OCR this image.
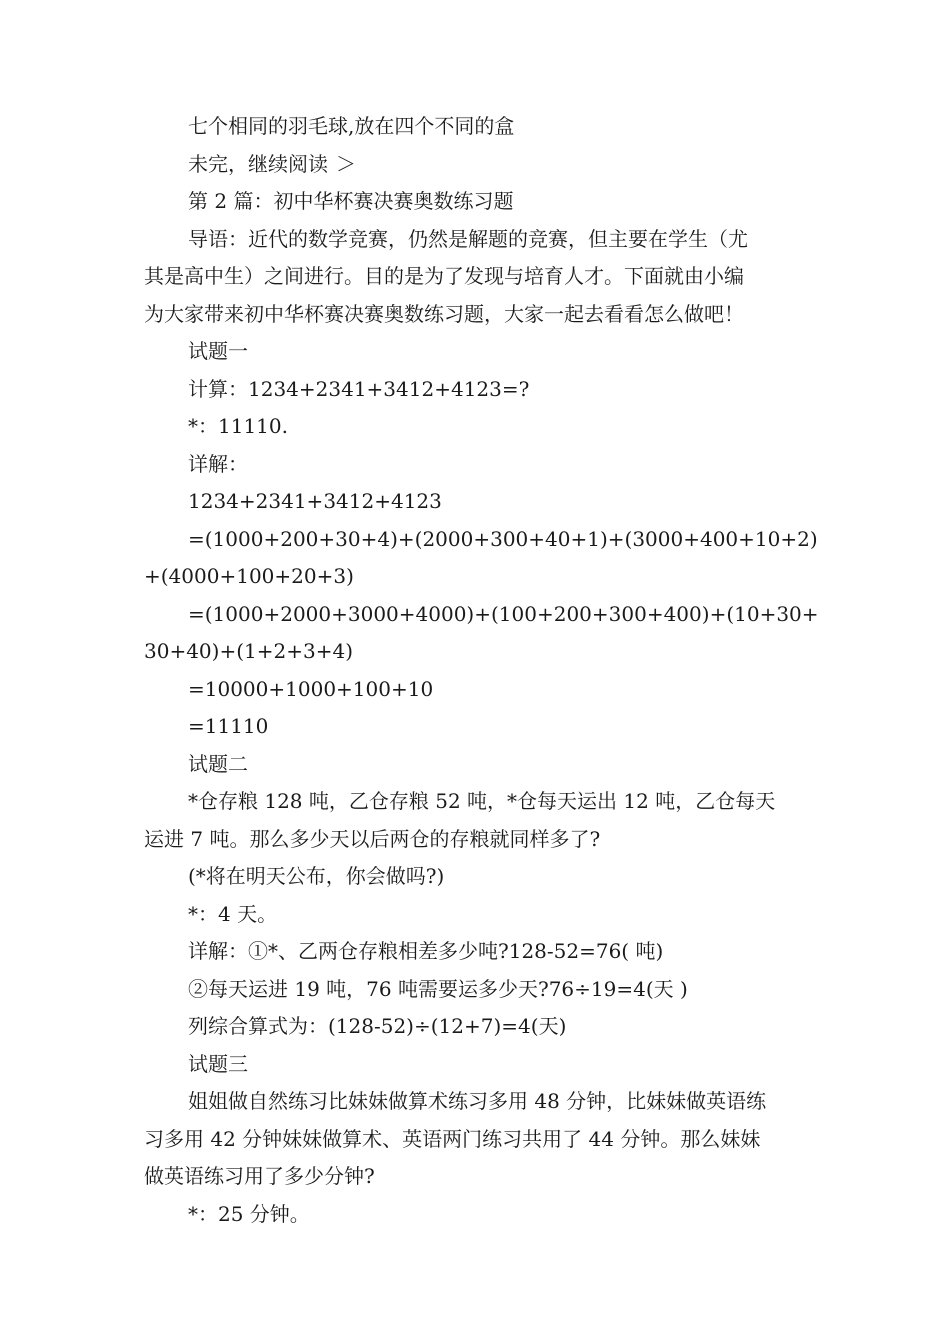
七个相同的羽毛球,放在四个不同的盒
未完，继续阅读 ＞
第 2 篇：初中华杯赛决赛奥数练习题
导语：近代的数学竞赛，仍然是解题的竞赛，但主要在学生（尤
其是高中生）之间进行。目的是为了发现与培育人才。下面就由小编
为大家带来初中华杯赛决赛奥数练习题，大家一起去看看怎么做吧！
试题一
计算：1234+2341+3412+4123=?
*：11110.
详解：
1234+2341+3412+4123
=(1000+200+30+4)+(2000+300+40+1)+(3000+400+10+2)
+(4000+100+20+3)
=(1000+2000+3000+4000)+(100+200+300+400)+(10+30+
30+40)+(1+2+3+4)
=10000+1000+100+10
=11110
试题二
*仓存粮 128 吨，乙仓存粮 52 吨，*仓每天运出 12 吨，乙仓每天
运进 7 吨。那么多少天以后两仓的存粮就同样多了?
(*将在明天公布，你会做吗?)
*：4 天。
详解：①*、乙两仓存粮相差多少吨?128-52=76( 吨)
②每天运进 19 吨，76 吨需要运多少天?76÷19=4(天 )
列综合算式为：(128-52)÷(12+7)=4(天)
试题三
姐姐做自然练习比妹妹做算术练习多用 48 分钟，比妹妹做英语练
习多用 42 分钟妹妹做算术、英语两门练习共用了 44 分钟。那么妹妹
做英语练习用了多少分钟?
*：25 分钟。
